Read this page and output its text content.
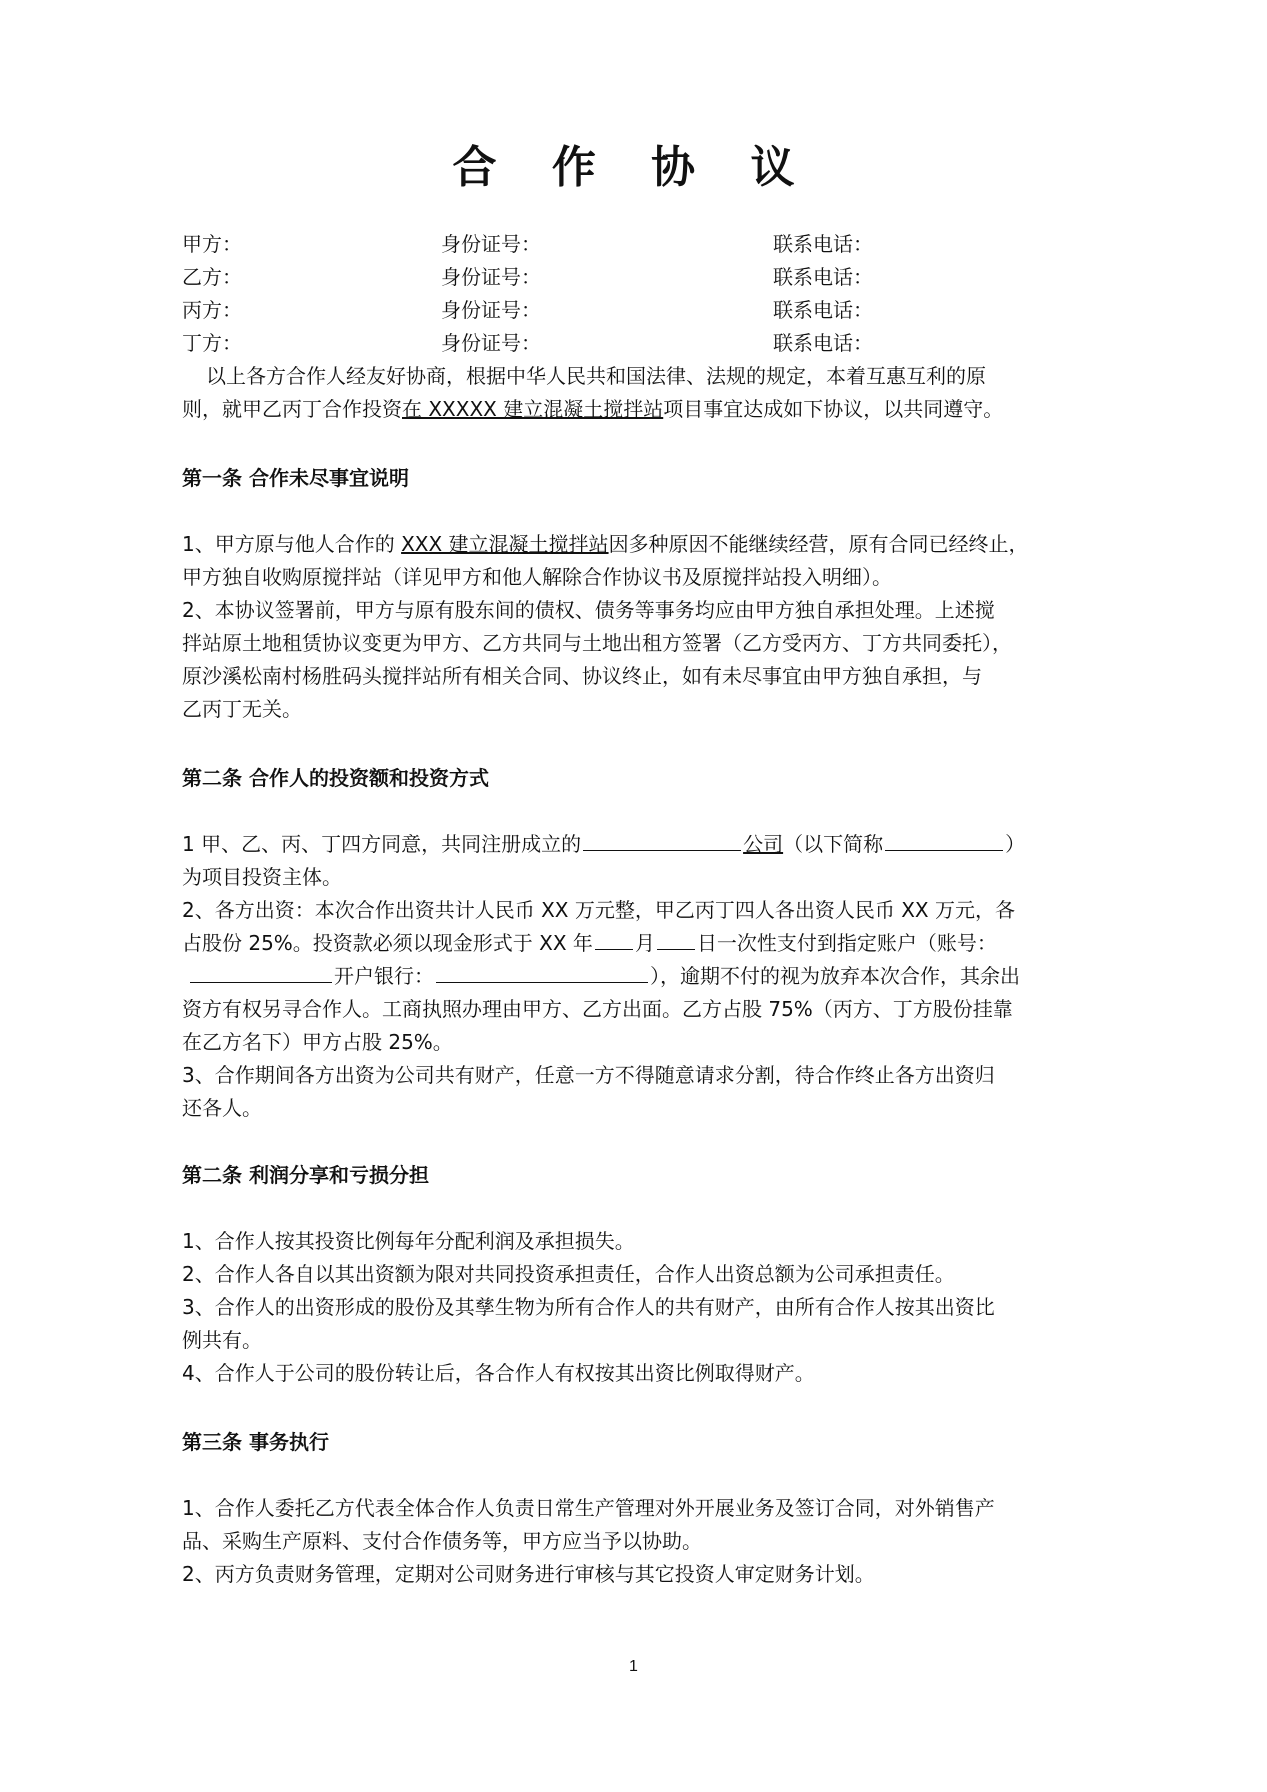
合 作 协 议
甲方：	身份证号：	联系电话：
乙方：	身份证号：	联系电话：
丙方：	身份证号：	联系电话：
丁方：	身份证号：	联系电话：
以上各方合作人经友好协商，根据中华人民共和国法律、法规的规定，本着互惠互利的原
则，就甲乙丙丁合作投资在 XXXXX 建立混凝土搅拌站项目事宜达成如下协议，以共同遵守。
第一条 合作未尽事宜说明
1、甲方原与他人合作的 XXX 建立混凝土搅拌站因多种原因不能继续经营，原有合同已经终止，
甲方独自收购原搅拌站（详见甲方和他人解除合作协议书及原搅拌站投入明细）。
2、本协议签署前，甲方与原有股东间的债权、债务等事务均应由甲方独自承担处理。上述搅
拌站原土地租赁协议变更为甲方、乙方共同与土地出租方签署（乙方受丙方、丁方共同委托），
原沙溪松南村杨胜码头搅拌站所有相关合同、协议终止，如有未尽事宜由甲方独自承担，与
乙丙丁无关。
第二条 合作人的投资额和投资方式
1 甲、乙、丙、丁四方同意，共同注册成立的	公司（以下简称	）
为项目投资主体。
2、各方出资：本次合作出资共计人民币 XX 万元整，甲乙丙丁四人各出资人民币 XX 万元，各
占股份 25%。投资款必须以现金形式于 XX 年 月 日一次性支付到指定账户（账号：
开户银行：	），逾期不付的视为放弃本次合作，其余出
资方有权另寻合作人。工商执照办理由甲方、乙方出面。乙方占股 75%（丙方、丁方股份挂靠
在乙方名下）甲方占股 25%。
3、合作期间各方出资为公司共有财产，任意一方不得随意请求分割，待合作终止各方出资归
还各人。
第二条 利润分享和亏损分担
1、合作人按其投资比例每年分配利润及承担损失。
2、合作人各自以其出资额为限对共同投资承担责任，合作人出资总额为公司承担责任。
3、合作人的出资形成的股份及其孳生物为所有合作人的共有财产，由所有合作人按其出资比
例共有。
4、合作人于公司的股份转让后，各合作人有权按其出资比例取得财产。
第三条 事务执行
1、合作人委托乙方代表全体合作人负责日常生产管理对外开展业务及签订合同，对外销售产
品、采购生产原料、支付合作债务等，甲方应当予以协助。
2、丙方负责财务管理，定期对公司财务进行审核与其它投资人审定财务计划。
1
